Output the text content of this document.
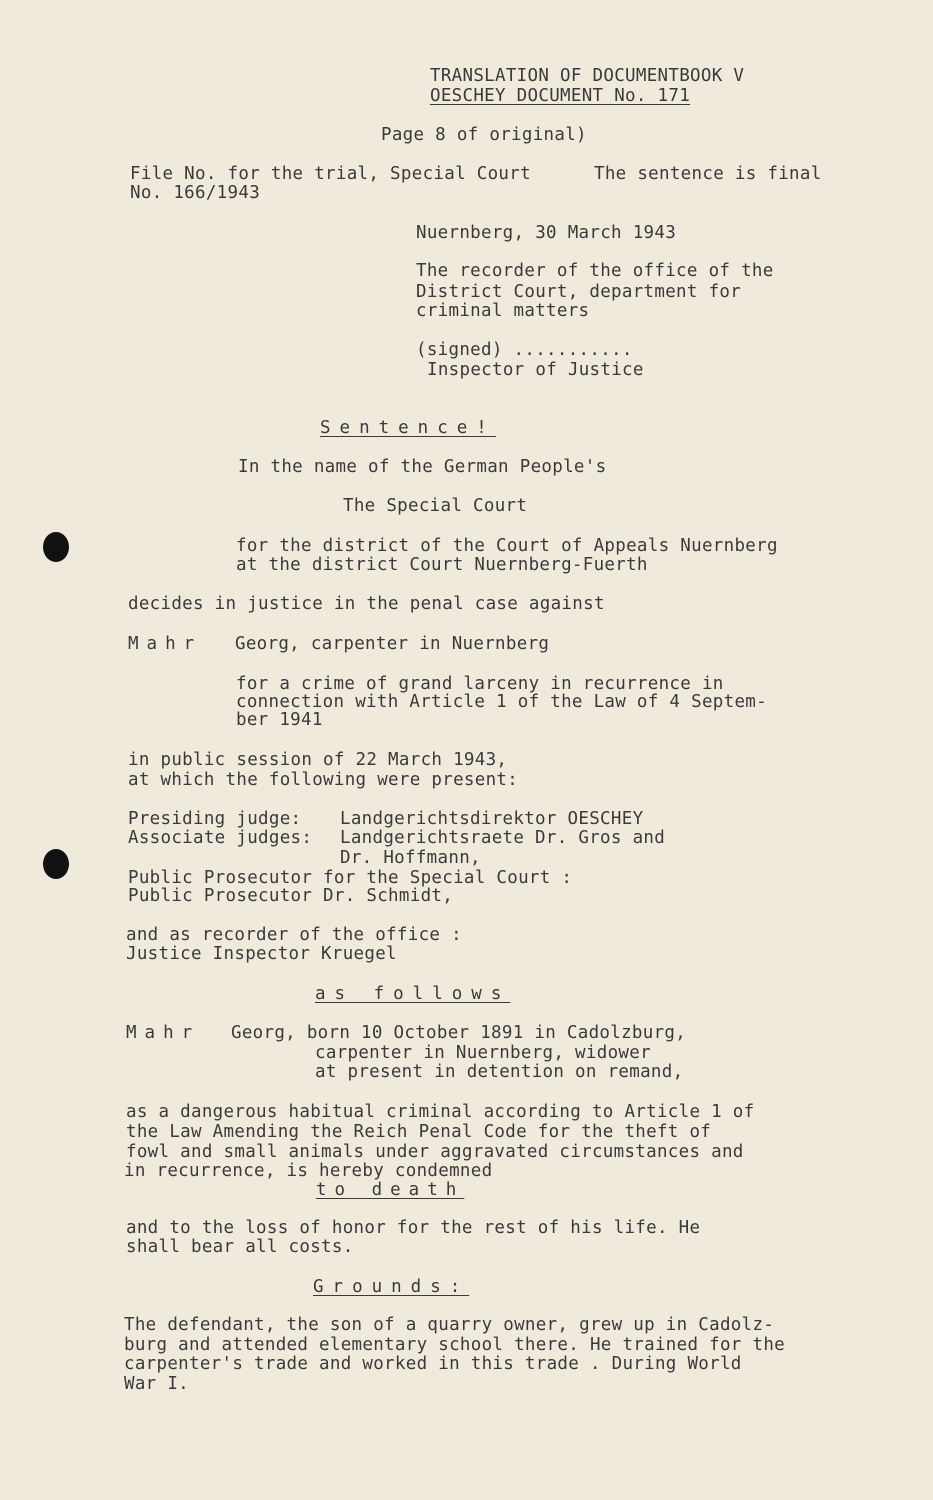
TRANSLATION OF DOCUMENTBOOK V

OESCHEY DOCUMENT No. 171

Page 8 of original)

File No. for the trial, Special Court

No. 166/1943

The sentence is final

Nuernberg, 30 March 1943

The recorder of the office of the

District Court, department for

criminal matters

(signed) ...........

Inspector of Justice

Sentence!

In the name of the German People's

The Special Court

for the district of the Court of Appeals Nuernberg

at the district Court Nuernberg-Fuerth

decides in justice in the penal case against

Mahr Georg, carpenter in Nuernberg

for a crime of grand larceny in recurrence in

connection with Article 1 of the Law of 4 Septem-

ber 1941

in public session of 22 March 1943,

at which the following were present:

Presiding judge: Landgerichtsdirektor OESCHEY

Associate judges: Landgerichtsraete Dr. Gros and

Dr. Hoffmann,

Public Prosecutor for the Special Court :

Public Prosecutor Dr. Schmidt,

and as recorder of the office :

Justice Inspector Kruegel

as follows

Mahr Georg, born 10 October 1891 in Cadolzburg,

carpenter in Nuernberg, widower

at present in detention on remand,

as a dangerous habitual criminal according to Article 1 of

the Law Amending the Reich Penal Code for the theft of

fowl and small animals under aggravated circumstances and

in recurrence, is hereby condemned

to death

and to the loss of honor for the rest of his life. He

shall bear all costs.

Grounds:

The defendant, the son of a quarry owner, grew up in Cadolz-

burg and attended elementary school there. He trained for the

carpenter's trade and worked in this trade . During World

War I.
